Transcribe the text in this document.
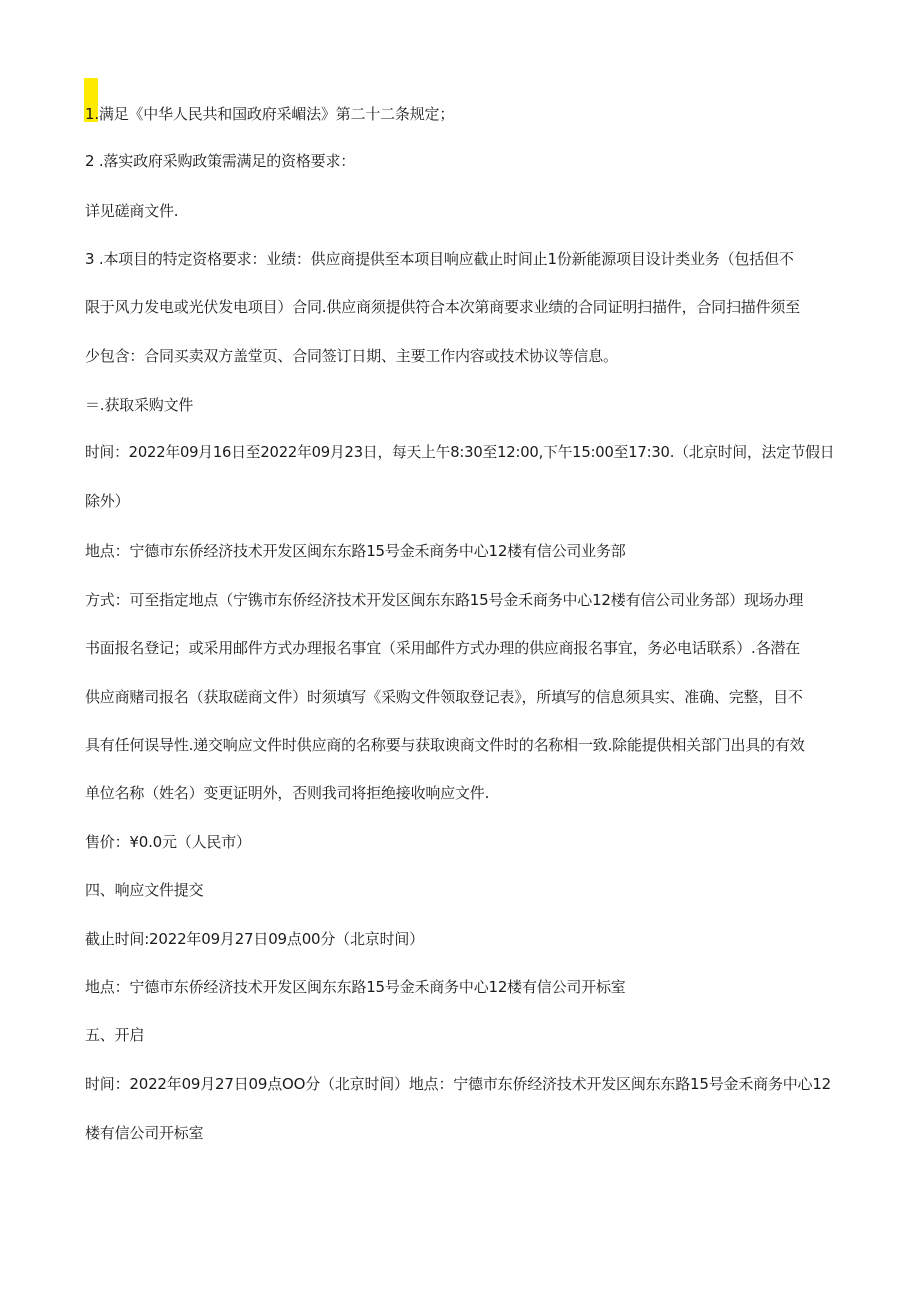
1.满足《中华人民共和国政府采嵋法》第二十二条规定；
2 .落实政府采购政策需满足的资格要求：
详见磋商文件.
3 .本项目的特定资格要求：业绩：供应商提供至本项目响应截止时间止1份新能源项目设计类业务（包括但不
限于风力发电或光伏发电项目）合同.供应商须提供符合本次第商要求业绩的合同证明扫描件，合同扫描件须至
少包含：合同买卖双方盖堂页、合同签订日期、主要工作内容或技术协议等信息。
＝.获取采购文件
时间：2022年09月16日至2022年09月23日，每天上午8:30至12:00,下午15:00至17:30.（北京时间，法定节假日
除外）
地点：宁德市东侨经济技术开发区闽东东路15号金禾商务中心12楼有信公司业务部
方式：可至指定地点（宁镌市东侨经济技术开发区闽东东路15号金禾商务中心12楼有信公司业务部）现场办理
书面报名登记；或采用邮件方式办理报名事宜（采用邮件方式办理的供应商报名事宜，务必电话联系）.各潜在
供应商赌司报名（获取磋商文件）时须填写《采购文件领取登记表》，所填写的信息须具实、准确、完整，目不
具有任何误导性.递交响应文件时供应商的名称要与获取谀商文件时的名称相一致.除能提供相关部门出具的有效
单位名称（姓名）变更证明外，否则我司将拒绝接收响应文件.
售价：¥0.0元（人民市）
四、响应文件提交
截止时间:2022年09月27日09点00分（北京时间）
地点：宁德市东侨经济技术开发区闽东东路15号金禾商务中心12楼有信公司开标室
五、开启
时间：2022年09月27日09点OO分（北京时间）地点：宁德市东侨经济技术开发区闽东东路15号金禾商务中心12
楼有信公司开标室
